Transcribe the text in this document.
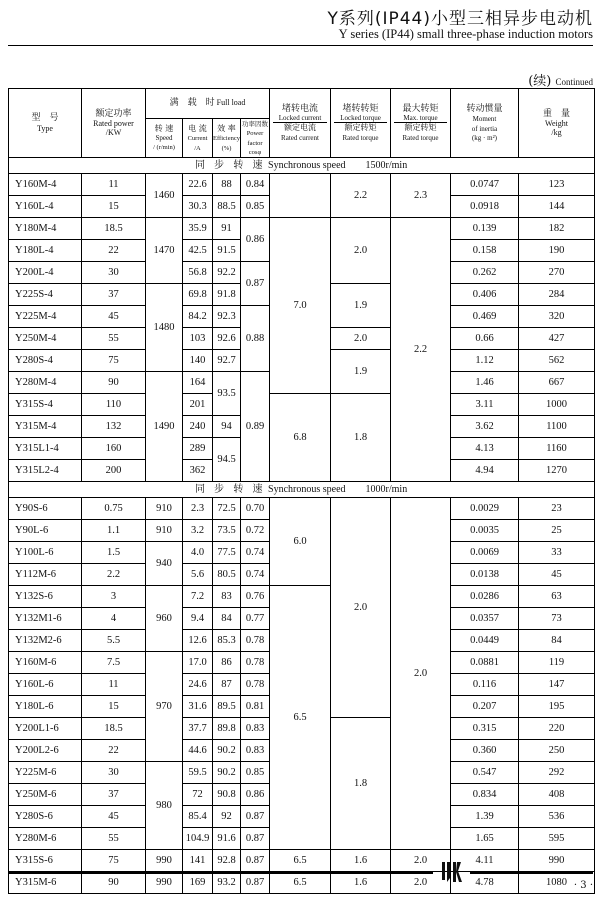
Y系列(IP44)小型三相异步电动机
Y series (IP44) small three-phase induction motors
(续) Continued
型　号
Type	额定功率
Rated power
/KW	满　载　时 Full load				堵转电流
Locked current
额定电流
Rated current	堵转转矩
Locked torque
额定转矩
Rated torque	最大转矩
Max. torque
额定转矩
Rated torque	转动惯量
Moment
of inertia
(kg · m²)	重　量
Weight
/kg
		转 速
Speed
/ (r/min)	电 流
Current
/A	效 率
Efficiency
(%)	功率因数
Power factor
cosφ					
同 步 转 速 Synchronous speed 1500r/min										
Y160M-4	11	1460	22.6	88	0.84		2.2	2.3	0.0747	123
Y160L-4	15		30.3	88.5	0.85				0.0918	144
Y180M-4	18.5	1470	35.9	91	0.86	7.0	2.0	2.2	0.139	182
Y180L-4	22		42.5	91.5					0.158	190
Y200L-4	30		56.8	92.2	0.87				0.262	270
Y225S-4	37	1480	69.8	91.8			1.9		0.406	284
Y225M-4	45		84.2	92.3	0.88				0.469	320
Y250M-4	55		103	92.6			2.0		0.66	427
Y280S-4	75		140	92.7			1.9		1.12	562
Y280M-4	90	1490	164	93.5	0.89				1.46	667
Y315S-4	110		201			6.8	1.8		3.11	1000
Y315M-4	132		240	94					3.62	1100
Y315L1-4	160		289	94.5					4.13	1160
Y315L2-4	200		362						4.94	1270
同 步 转 速 Synchronous speed 1000r/min										
Y90S-6	0.75	910	2.3	72.5	0.70	6.0	2.0	2.0	0.0029	23
Y90L-6	1.1	910	3.2	73.5	0.72				0.0035	25
Y100L-6	1.5	940	4.0	77.5	0.74				0.0069	33
Y112M-6	2.2		5.6	80.5	0.74				0.0138	45
Y132S-6	3	960	7.2	83	0.76	6.5			0.0286	63
Y132M1-6	4		9.4	84	0.77				0.0357	73
Y132M2-6	5.5		12.6	85.3	0.78				0.0449	84
Y160M-6	7.5	970	17.0	86	0.78				0.0881	119
Y160L-6	11		24.6	87	0.78				0.116	147
Y180L-6	15		31.6	89.5	0.81				0.207	195
Y200L1-6	18.5		37.7	89.8	0.83		1.8		0.315	220
Y200L2-6	22		44.6	90.2	0.83				0.360	250
Y225M-6	30	980	59.5	90.2	0.85				0.547	292
Y250M-6	37		72	90.8	0.86				0.834	408
Y280S-6	45		85.4	92	0.87				1.39	536
Y280M-6	55		104.9	91.6	0.87				1.65	595
Y315S-6	75	990	141	92.8	0.87	6.5	1.6	2.0	4.11	990
Y315M-6	90	990	169	93.2	0.87	6.5	1.6	2.0	4.78	1080 · 3 ·
